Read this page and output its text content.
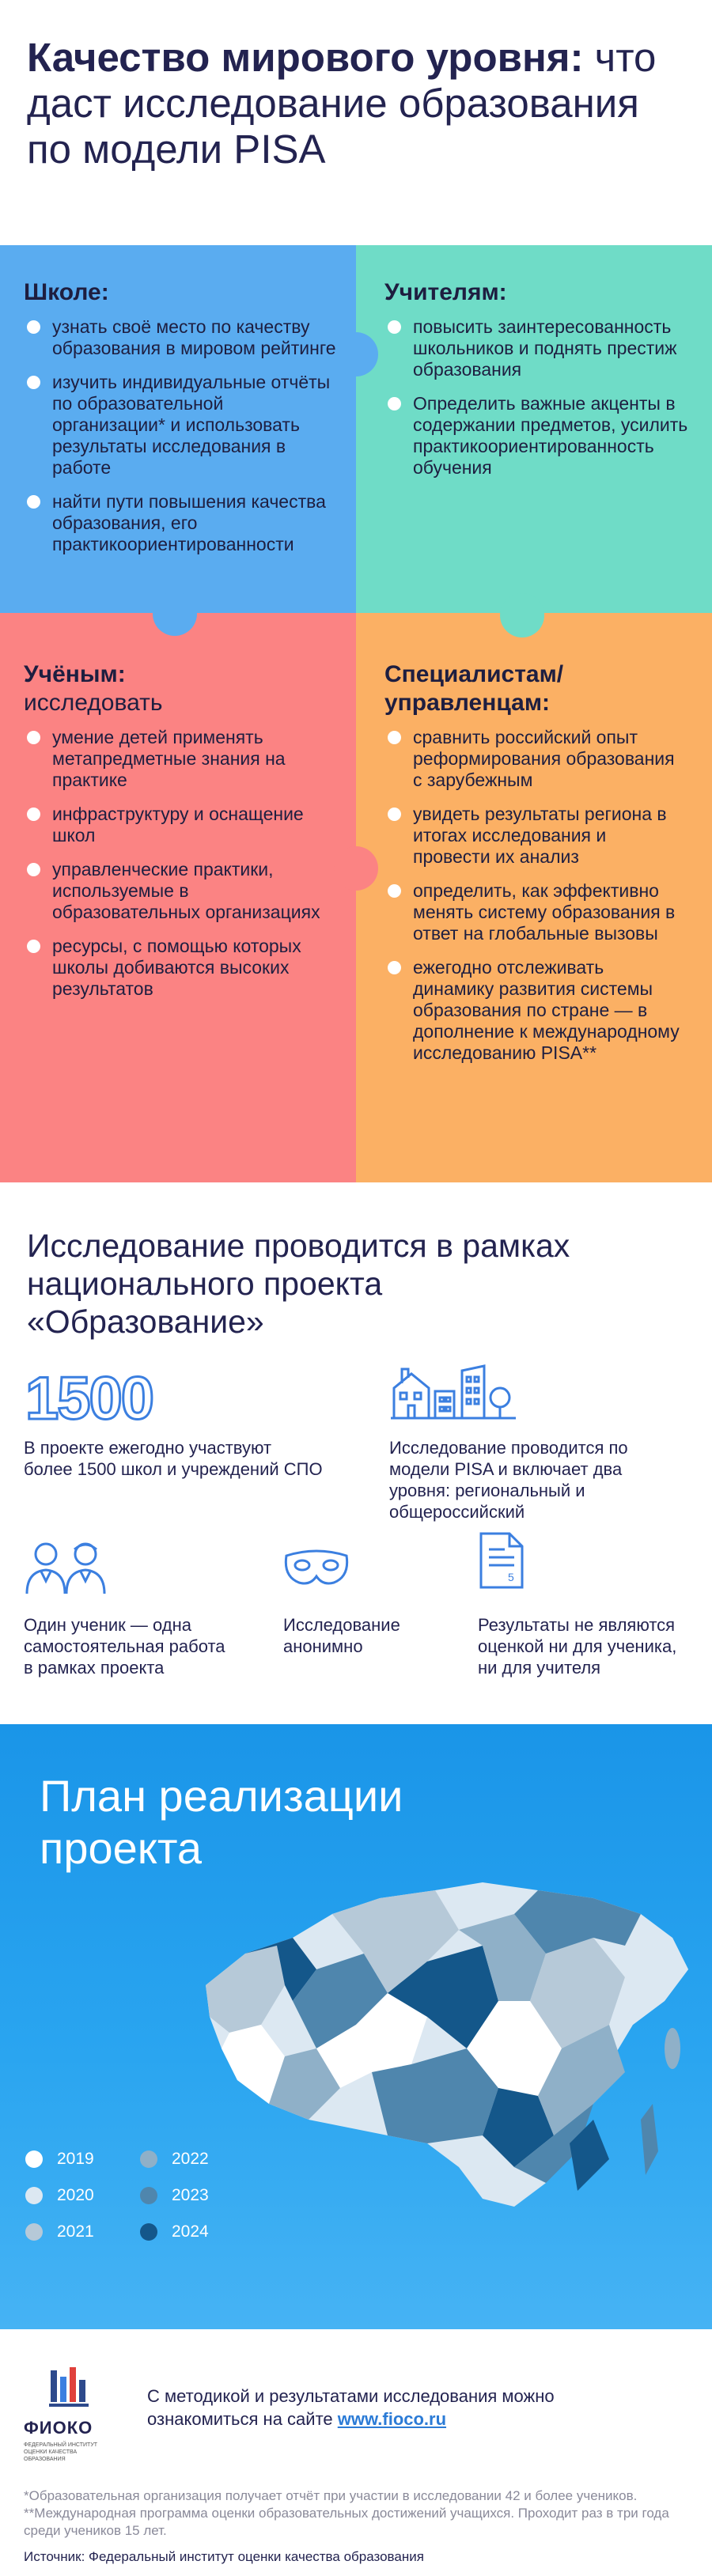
Качество мирового уровня: что даст исследование образования по модели PISA
Школе:
узнать своё место по качеству образования в мировом рейтинге
изучить индивидуальные отчёты по образовательной организации* и использовать результаты исследования в работе
найти пути повышения качества образования, его практикоориентированности
Учителям:
повысить заинтересованность школьников и поднять престиж образования
Определить важные акценты в содержании предметов, усилить практикоориентированность обучения
Учёным:
исследовать
умение детей применять метапредметные знания на практике
инфраструктуру и оснащение школ
управленческие практики, используемые в образовательных организациях
ресурсы, с помощью которых школы добиваются высоких результатов
Специалистам/ управленцам:
сравнить российский опыт реформирования образования с зарубежным
увидеть результаты региона в итогах исследования и провести их анализ
определить, как эффективно менять систему образования в ответ на глобальные вызовы
ежегодно отслеживать динамику развития системы образования по стране — в дополнение к международному исследованию PISA**
Исследование проводится в рамках национального проекта «Образование»
1500
В проекте ежегодно участвуют более 1500 школ и учреждений СПО
Исследование проводится по модели PISA и включает два уровня: региональный и общероссийский
Один ученик — одна самостоятельная работа в рамках проекта
Исследование анонимно
5
Результаты не являются оценкой ни для ученика, ни для учителя
План реализации проекта
2019
2020
2021
2022
2023
2024
ФИОКО
ФЕДЕРАЛЬНЫЙ ИНСТИТУТ ОЦЕНКИ КАЧЕСТВА ОБРАЗОВАНИЯ
С методикой и результатами исследования можно ознакомиться на сайте www.fioco.ru
*Образовательная организация получает отчёт при участии в исследовании 42 и более учеников.
**Международная программа оценки образовательных достижений учащихся. Проходит раз в три года среди учеников 15 лет.
Источник: Федеральный институт оценки качества образования
